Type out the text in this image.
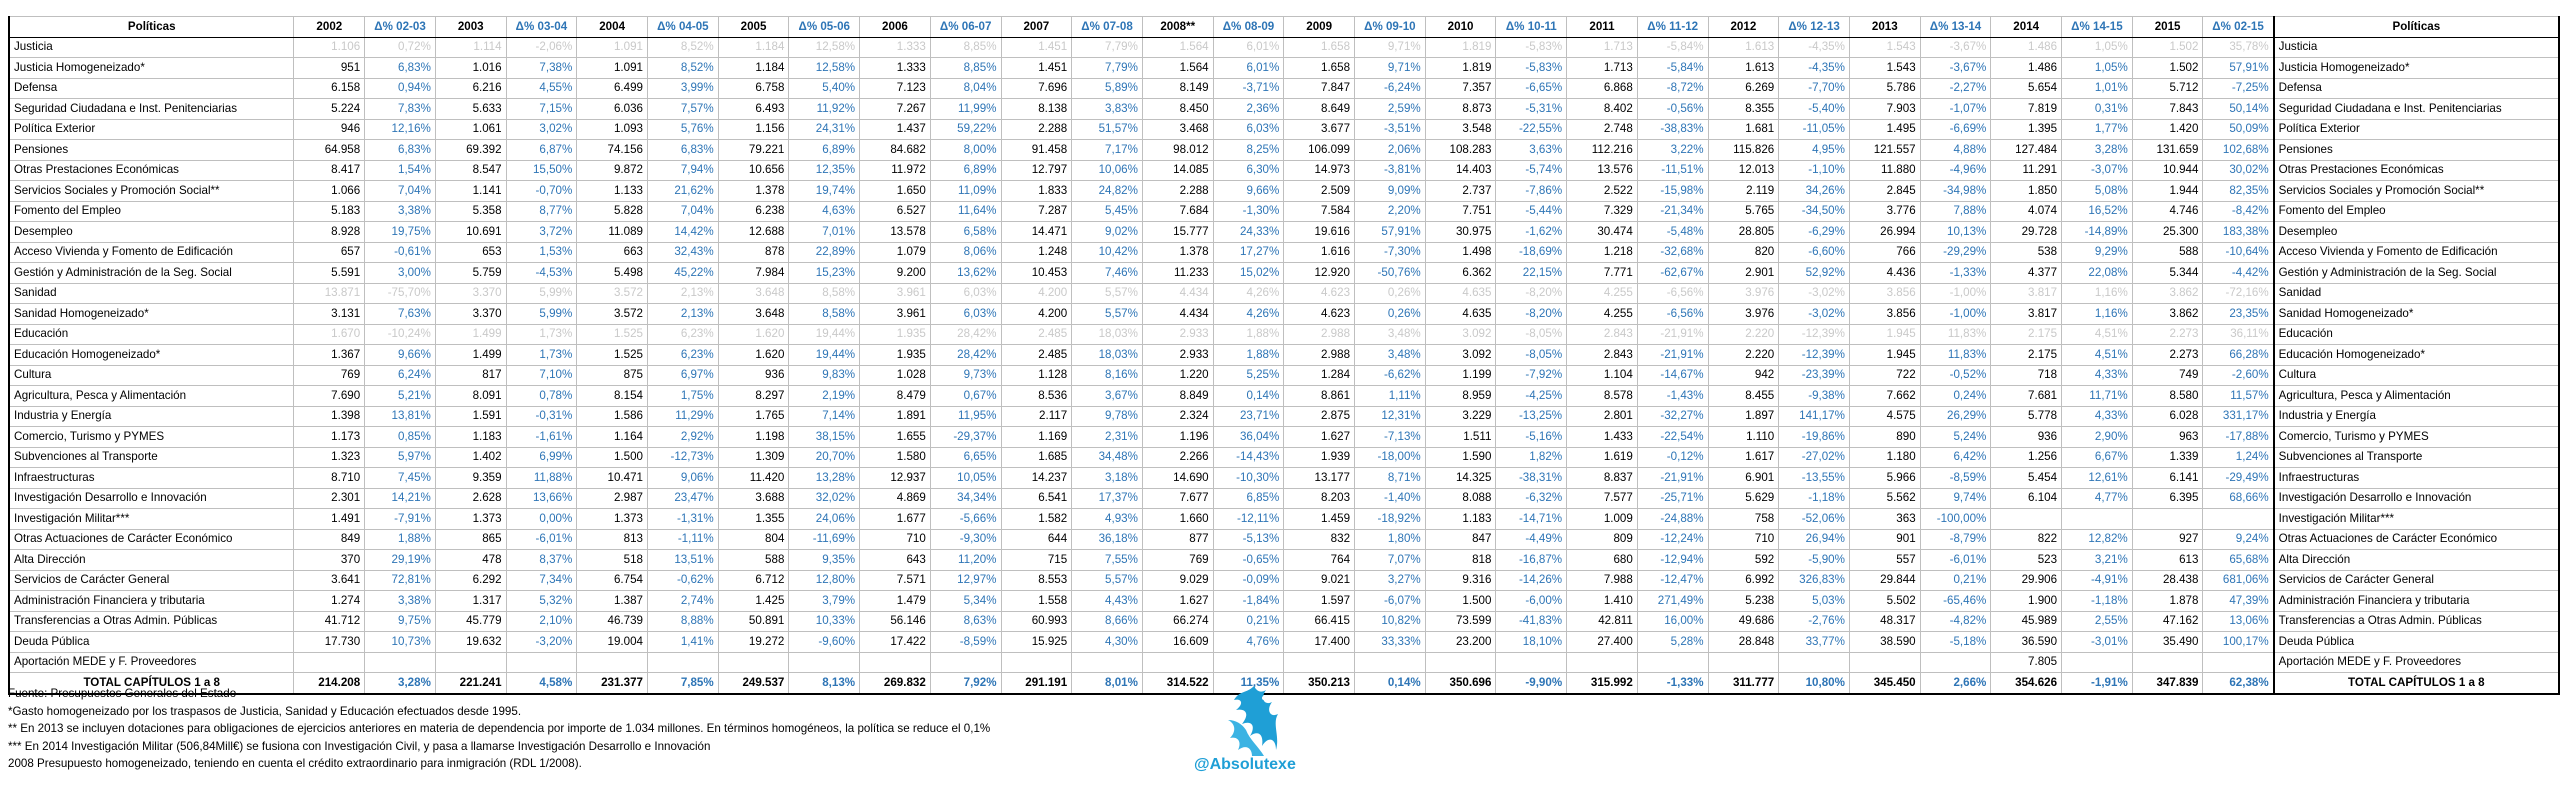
Políticas	2002	Δ% 02-03	2003	Δ% 03-04	2004	Δ% 04-05	2005	Δ% 05-06	2006	Δ% 06-07	2007	Δ% 07-08	2008**	Δ% 08-09	2009	Δ% 09-10	2010	Δ% 10-11	2011	Δ% 11-12	2012	Δ% 12-13	2013	Δ% 13-14	2014	Δ% 14-15	2015	Δ% 02-15	Políticas
Justicia	1.106	0,72%	1.114	-2,06%	1.091	8,52%	1.184	12,58%	1.333	8,85%	1.451	7,79%	1.564	6,01%	1.658	9,71%	1.819	-5,83%	1.713	-5,84%	1.613	-4,35%	1.543	-3,67%	1.486	1,05%	1.502	35,78%	Justicia
Justicia Homogeneizado*	951	6,83%	1.016	7,38%	1.091	8,52%	1.184	12,58%	1.333	8,85%	1.451	7,79%	1.564	6,01%	1.658	9,71%	1.819	-5,83%	1.713	-5,84%	1.613	-4,35%	1.543	-3,67%	1.486	1,05%	1.502	57,91%	Justicia Homogeneizado*
Defensa	6.158	0,94%	6.216	4,55%	6.499	3,99%	6.758	5,40%	7.123	8,04%	7.696	5,89%	8.149	-3,71%	7.847	-6,24%	7.357	-6,65%	6.868	-8,72%	6.269	-7,70%	5.786	-2,27%	5.654	1,01%	5.712	-7,25%	Defensa
Seguridad Ciudadana e Inst. Penitenciarias	5.224	7,83%	5.633	7,15%	6.036	7,57%	6.493	11,92%	7.267	11,99%	8.138	3,83%	8.450	2,36%	8.649	2,59%	8.873	-5,31%	8.402	-0,56%	8.355	-5,40%	7.903	-1,07%	7.819	0,31%	7.843	50,14%	Seguridad Ciudadana e Inst. Penitenciarias
Política Exterior	946	12,16%	1.061	3,02%	1.093	5,76%	1.156	24,31%	1.437	59,22%	2.288	51,57%	3.468	6,03%	3.677	-3,51%	3.548	-22,55%	2.748	-38,83%	1.681	-11,05%	1.495	-6,69%	1.395	1,77%	1.420	50,09%	Política Exterior
Pensiones	64.958	6,83%	69.392	6,87%	74.156	6,83%	79.221	6,89%	84.682	8,00%	91.458	7,17%	98.012	8,25%	106.099	2,06%	108.283	3,63%	112.216	3,22%	115.826	4,95%	121.557	4,88%	127.484	3,28%	131.659	102,68%	Pensiones
Otras Prestaciones Económicas	8.417	1,54%	8.547	15,50%	9.872	7,94%	10.656	12,35%	11.972	6,89%	12.797	10,06%	14.085	6,30%	14.973	-3,81%	14.403	-5,74%	13.576	-11,51%	12.013	-1,10%	11.880	-4,96%	11.291	-3,07%	10.944	30,02%	Otras Prestaciones Económicas
Servicios Sociales y Promoción Social**	1.066	7,04%	1.141	-0,70%	1.133	21,62%	1.378	19,74%	1.650	11,09%	1.833	24,82%	2.288	9,66%	2.509	9,09%	2.737	-7,86%	2.522	-15,98%	2.119	34,26%	2.845	-34,98%	1.850	5,08%	1.944	82,35%	Servicios Sociales y Promoción Social**
Fomento del Empleo	5.183	3,38%	5.358	8,77%	5.828	7,04%	6.238	4,63%	6.527	11,64%	7.287	5,45%	7.684	-1,30%	7.584	2,20%	7.751	-5,44%	7.329	-21,34%	5.765	-34,50%	3.776	7,88%	4.074	16,52%	4.746	-8,42%	Fomento del Empleo
Desempleo	8.928	19,75%	10.691	3,72%	11.089	14,42%	12.688	7,01%	13.578	6,58%	14.471	9,02%	15.777	24,33%	19.616	57,91%	30.975	-1,62%	30.474	-5,48%	28.805	-6,29%	26.994	10,13%	29.728	-14,89%	25.300	183,38%	Desempleo
Acceso Vivienda y Fomento de Edificación	657	-0,61%	653	1,53%	663	32,43%	878	22,89%	1.079	8,06%	1.248	10,42%	1.378	17,27%	1.616	-7,30%	1.498	-18,69%	1.218	-32,68%	820	-6,60%	766	-29,29%	538	9,29%	588	-10,64%	Acceso Vivienda y Fomento de Edificación
Gestión y Administración de la Seg. Social	5.591	3,00%	5.759	-4,53%	5.498	45,22%	7.984	15,23%	9.200	13,62%	10.453	7,46%	11.233	15,02%	12.920	-50,76%	6.362	22,15%	7.771	-62,67%	2.901	52,92%	4.436	-1,33%	4.377	22,08%	5.344	-4,42%	Gestión y Administración de la Seg. Social
Sanidad	13.871	-75,70%	3.370	5,99%	3.572	2,13%	3.648	8,58%	3.961	6,03%	4.200	5,57%	4.434	4,26%	4.623	0,26%	4.635	-8,20%	4.255	-6,56%	3.976	-3,02%	3.856	-1,00%	3.817	1,16%	3.862	-72,16%	Sanidad
Sanidad Homogeneizado*	3.131	7,63%	3.370	5,99%	3.572	2,13%	3.648	8,58%	3.961	6,03%	4.200	5,57%	4.434	4,26%	4.623	0,26%	4.635	-8,20%	4.255	-6,56%	3.976	-3,02%	3.856	-1,00%	3.817	1,16%	3.862	23,35%	Sanidad Homogeneizado*
Educación	1.670	-10,24%	1.499	1,73%	1.525	6,23%	1.620	19,44%	1.935	28,42%	2.485	18,03%	2.933	1,88%	2.988	3,48%	3.092	-8,05%	2.843	-21,91%	2.220	-12,39%	1.945	11,83%	2.175	4,51%	2.273	36,11%	Educación
Educación Homogeneizado*	1.367	9,66%	1.499	1,73%	1.525	6,23%	1.620	19,44%	1.935	28,42%	2.485	18,03%	2.933	1,88%	2.988	3,48%	3.092	-8,05%	2.843	-21,91%	2.220	-12,39%	1.945	11,83%	2.175	4,51%	2.273	66,28%	Educación Homogeneizado*
Cultura	769	6,24%	817	7,10%	875	6,97%	936	9,83%	1.028	9,73%	1.128	8,16%	1.220	5,25%	1.284	-6,62%	1.199	-7,92%	1.104	-14,67%	942	-23,39%	722	-0,52%	718	4,33%	749	-2,60%	Cultura
Agricultura, Pesca y Alimentación	7.690	5,21%	8.091	0,78%	8.154	1,75%	8.297	2,19%	8.479	0,67%	8.536	3,67%	8.849	0,14%	8.861	1,11%	8.959	-4,25%	8.578	-1,43%	8.455	-9,38%	7.662	0,24%	7.681	11,71%	8.580	11,57%	Agricultura, Pesca y Alimentación
Industria y Energía	1.398	13,81%	1.591	-0,31%	1.586	11,29%	1.765	7,14%	1.891	11,95%	2.117	9,78%	2.324	23,71%	2.875	12,31%	3.229	-13,25%	2.801	-32,27%	1.897	141,17%	4.575	26,29%	5.778	4,33%	6.028	331,17%	Industria y Energía
Comercio, Turismo y PYMES	1.173	0,85%	1.183	-1,61%	1.164	2,92%	1.198	38,15%	1.655	-29,37%	1.169	2,31%	1.196	36,04%	1.627	-7,13%	1.511	-5,16%	1.433	-22,54%	1.110	-19,86%	890	5,24%	936	2,90%	963	-17,88%	Comercio, Turismo y PYMES
Subvenciones al Transporte	1.323	5,97%	1.402	6,99%	1.500	-12,73%	1.309	20,70%	1.580	6,65%	1.685	34,48%	2.266	-14,43%	1.939	-18,00%	1.590	1,82%	1.619	-0,12%	1.617	-27,02%	1.180	6,42%	1.256	6,67%	1.339	1,24%	Subvenciones al Transporte
Infraestructuras	8.710	7,45%	9.359	11,88%	10.471	9,06%	11.420	13,28%	12.937	10,05%	14.237	3,18%	14.690	-10,30%	13.177	8,71%	14.325	-38,31%	8.837	-21,91%	6.901	-13,55%	5.966	-8,59%	5.454	12,61%	6.141	-29,49%	Infraestructuras
Investigación Desarrollo e Innovación	2.301	14,21%	2.628	13,66%	2.987	23,47%	3.688	32,02%	4.869	34,34%	6.541	17,37%	7.677	6,85%	8.203	-1,40%	8.088	-6,32%	7.577	-25,71%	5.629	-1,18%	5.562	9,74%	6.104	4,77%	6.395	68,66%	Investigación Desarrollo e Innovación
Investigación Militar***	1.491	-7,91%	1.373	0,00%	1.373	-1,31%	1.355	24,06%	1.677	-5,66%	1.582	4,93%	1.660	-12,11%	1.459	-18,92%	1.183	-14,71%	1.009	-24,88%	758	-52,06%	363	-100,00%					Investigación Militar***
Otras Actuaciones de Carácter Económico	849	1,88%	865	-6,01%	813	-1,11%	804	-11,69%	710	-9,30%	644	36,18%	877	-5,13%	832	1,80%	847	-4,49%	809	-12,24%	710	26,94%	901	-8,79%	822	12,82%	927	9,24%	Otras Actuaciones de Carácter Económico
Alta Dirección	370	29,19%	478	8,37%	518	13,51%	588	9,35%	643	11,20%	715	7,55%	769	-0,65%	764	7,07%	818	-16,87%	680	-12,94%	592	-5,90%	557	-6,01%	523	3,21%	613	65,68%	Alta Dirección
Servicios de Carácter General	3.641	72,81%	6.292	7,34%	6.754	-0,62%	6.712	12,80%	7.571	12,97%	8.553	5,57%	9.029	-0,09%	9.021	3,27%	9.316	-14,26%	7.988	-12,47%	6.992	326,83%	29.844	0,21%	29.906	-4,91%	28.438	681,06%	Servicios de Carácter General
Administración Financiera y tributaria	1.274	3,38%	1.317	5,32%	1.387	2,74%	1.425	3,79%	1.479	5,34%	1.558	4,43%	1.627	-1,84%	1.597	-6,07%	1.500	-6,00%	1.410	271,49%	5.238	5,03%	5.502	-65,46%	1.900	-1,18%	1.878	47,39%	Administración Financiera y tributaria
Transferencias a Otras Admin. Públicas	41.712	9,75%	45.779	2,10%	46.739	8,88%	50.891	10,33%	56.146	8,63%	60.993	8,66%	66.274	0,21%	66.415	10,82%	73.599	-41,83%	42.811	16,00%	49.686	-2,76%	48.317	-4,82%	45.989	2,55%	47.162	13,06%	Transferencias a Otras Admin. Públicas
Deuda Pública	17.730	10,73%	19.632	-3,20%	19.004	1,41%	19.272	-9,60%	17.422	-8,59%	15.925	4,30%	16.609	4,76%	17.400	33,33%	23.200	18,10%	27.400	5,28%	28.848	33,77%	38.590	-5,18%	36.590	-3,01%	35.490	100,17%	Deuda Pública
Aportación MEDE y F. Proveedores																									7.805				Aportación MEDE y F. Proveedores
TOTAL CAPÍTULOS 1 a 8	214.208	3,28%	221.241	4,58%	231.377	7,85%	249.537	8,13%	269.832	7,92%	291.191	8,01%	314.522	11,35%	350.213	0,14%	350.696	-9,90%	315.992	-1,33%	311.777	10,80%	345.450	2,66%	354.626	-1,91%	347.839	62,38%	TOTAL CAPÍTULOS 1 a 8
Fuente: Presupuestos Generales del Estado
*Gasto homogeneizado por los traspasos de Justicia, Sanidad y Educación efectuados desde 1995.
** En 2013 se incluyen dotaciones para obligaciones de ejercicios anteriores en materia de dependencia por importe de 1.034 millones. En términos homogéneos, la política se reduce el 0,1%
*** En 2014 Investigación Militar (506,84Mill€) se fusiona con Investigación Civil, y pasa a llamarse Investigación Desarrollo e Innovación
2008 Presupuesto homogeneizado, teniendo en cuenta el crédito extraordinario para inmigración (RDL 1/2008).	@Absolutexe
